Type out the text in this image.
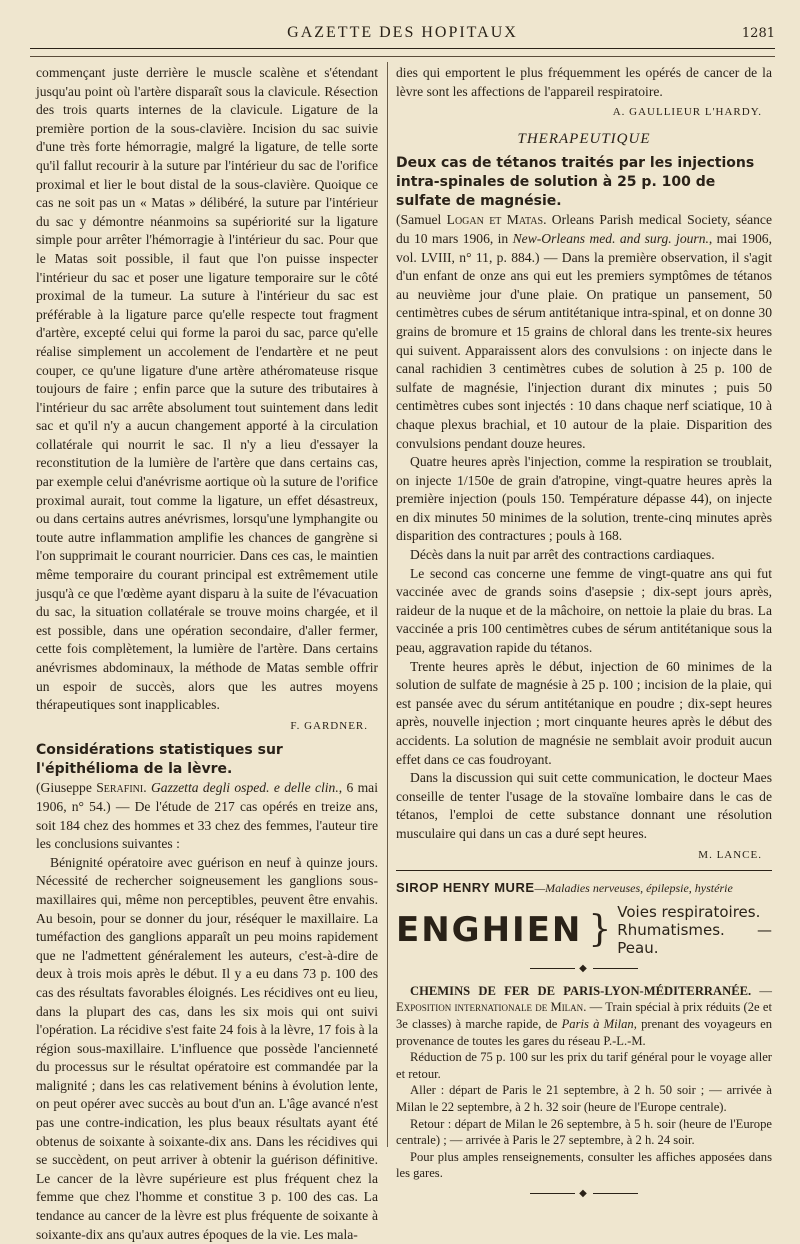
GAZETTE DES HOPITAUX	1281

commençant juste derrière le muscle scalène et s'étendant jusqu'au point où l'artère disparaît sous la clavicule. Résection des trois quarts internes de la clavicule. Ligature de la première portion de la sous-clavière. Incision du sac suivie d'une très forte hémorragie, malgré la ligature, de telle sorte qu'il fallut recourir à la suture par l'intérieur du sac de l'orifice proximal et lier le bout distal de la sous-clavière. Quoique ce cas ne soit pas un « Matas » délibéré, la suture par l'intérieur du sac y démontre néanmoins sa supériorité sur la ligature simple pour arrêter l'hémorragie à l'intérieur du sac. Pour que le Matas soit possible, il faut que l'on puisse inspecter l'intérieur du sac et poser une ligature temporaire sur le côté proximal de la tumeur. La suture à l'intérieur du sac est préférable à la ligature parce qu'elle respecte tout fragment d'artère, excepté celui qui forme la paroi du sac, parce qu'elle réalise simplement un accolement de l'endartère et ne peut couper, ce qu'une ligature d'une artère athéromateuse risque toujours de faire ; enfin parce que la suture des tributaires à l'intérieur du sac arrête absolument tout suintement dans ledit sac et qu'il n'y a aucun changement apporté à la circulation collatérale qui nourrit le sac. Il n'y a lieu d'essayer la reconstitution de la lumière de l'artère que dans certains cas, par exemple celui d'anévrisme aortique où la suture de l'orifice proximal aurait, tout comme la ligature, un effet désastreux, ou dans certains autres anévrismes, lorsqu'une lymphangite ou toute autre inflammation amplifie les chances de gangrène si l'on supprimait le courant nourricier. Dans ces cas, le maintien même temporaire du courant principal est extrêmement utile jusqu'à ce que l'œdème ayant disparu à la suite de l'évacuation du sac, la situation collatérale se trouve moins chargée, et il est possible, dans une opération secondaire, d'aller fermer, cette fois complètement, la lumière de l'artère. Dans certains anévrismes abdominaux, la méthode de Matas semble offrir un espoir de succès, alors que les autres moyens thérapeutiques sont inapplicables.

F. GARDNER.
Considérations statistiques sur l'épithélioma de la lèvre.

(Giuseppe Serafini. Gazzetta degli osped. e delle clin., 6 mai 1906, n° 54.) — De l'étude de 217 cas opérés en treize ans, soit 184 chez des hommes et 33 chez des femmes, l'auteur tire les conclusions suivantes :

Bénignité opératoire avec guérison en neuf à quinze jours. Nécessité de rechercher soigneusement les ganglions sous-maxillaires qui, même non perceptibles, peuvent être envahis. Au besoin, pour se donner du jour, réséquer le maxillaire. La tuméfaction des ganglions apparaît un peu moins rapidement que ne l'admettent généralement les auteurs, c'est-à-dire de deux à trois mois après le début. Il y a eu dans 73 p. 100 des cas des résultats favorables éloignés. Les récidives ont eu lieu, dans la plupart des cas, dans les six mois qui ont suivi l'opération. La récidive s'est faite 24 fois à la lèvre, 17 fois à la région sous-maxillaire. L'influence que possède l'ancienneté du processus sur le résultat opératoire est commandée par la malignité ; dans les cas relativement bénins à évolution lente, on peut opérer avec succès au bout d'un an. L'âge avancé n'est pas une contre-indication, les plus beaux résultats ayant été obtenus de soixante à soixante-dix ans. Dans les récidives qui se succèdent, on peut arriver à obtenir la guérison définitive. Le cancer de la lèvre supérieure est plus fréquent chez la femme que chez l'homme et constitue 3 p. 100 des cas. La tendance au cancer de la lèvre est plus fréquente de soixante à soixante-dix ans qu'aux autres époques de la vie. Les mala-

dies qui emportent le plus fréquemment les opérés de cancer de la lèvre sont les affections de l'appareil respiratoire.

A. GAULLIEUR L'HARDY.
THERAPEUTIQUE
Deux cas de tétanos traités par les injections intra-spinales de solution à 25 p. 100 de sulfate de magnésie.

(Samuel Logan et Matas. Orleans Parish medical Society, séance du 10 mars 1906, in New-Orleans med. and surg. journ., mai 1906, vol. LVIII, n° 11, p. 884.) — Dans la première observation, il s'agit d'un enfant de onze ans qui eut les premiers symptômes de tétanos au neuvième jour d'une plaie. On pratique un pansement, 50 centimètres cubes de sérum antitétanique intra-spinal, et on donne 30 grains de bromure et 15 grains de chloral dans les trente-six heures qui suivent. Apparaissent alors des convulsions : on injecte dans le canal rachidien 3 centimètres cubes de solution à 25 p. 100 de sulfate de magnésie, l'injection durant dix minutes ; puis 50 centimètres cubes sont injectés : 10 dans chaque nerf sciatique, 10 à chaque plexus brachial, et 10 autour de la plaie. Disparition des convulsions pendant douze heures.

Quatre heures après l'injection, comme la respiration se troublait, on injecte 1/150e de grain d'atropine, vingt-quatre heures après la première injection (pouls 150. Température dépasse 44), on injecte en dix minutes 50 minimes de la solution, trente-cinq minutes après disparition des contractures ; pouls à 168.

Décès dans la nuit par arrêt des contractions cardiaques.

Le second cas concerne une femme de vingt-quatre ans qui fut vaccinée avec de grands soins d'asepsie ; dix-sept jours après, raideur de la nuque et de la mâchoire, on nettoie la plaie du bras. La vaccinée a pris 100 centimètres cubes de sérum antitétanique sous la peau, aggravation rapide du tétanos.

Trente heures après le début, injection de 60 minimes de la solution de sulfate de magnésie à 25 p. 100 ; incision de la plaie, qui est pansée avec du sérum antitétanique en poudre ; dix-sept heures après, nouvelle injection ; mort cinquante heures après le début des accidents. La solution de magnésie ne semblait avoir produit aucun effet dans ce cas foudroyant.

Dans la discussion qui suit cette communication, le docteur Maes conseille de tenter l'usage de la stovaïne lombaire dans le cas de tétanos, l'emploi de cette substance donnant une résolution musculaire qui dans un cas a duré sept heures.

M. LANCE.
SIROP HENRY MURE—Maladies nerveuses, épilepsie, hystérie
ENGHIEN } Voies respiratoires.
Rhumatismes. — Peau.
◆

CHEMINS DE FER DE PARIS-LYON-MÉDITERRANÉE. — Exposition internationale de Milan. — Train spécial à prix réduits (2e et 3e classes) à marche rapide, de Paris à Milan, prenant des voyageurs en provenance de toutes les gares du réseau P.-L.-M.

Réduction de 75 p. 100 sur les prix du tarif général pour le voyage aller et retour.

Aller : départ de Paris le 21 septembre, à 2 h. 50 soir ; — arrivée à Milan le 22 septembre, à 2 h. 32 soir (heure de l'Europe centrale).

Retour : départ de Milan le 26 septembre, à 5 h. soir (heure de l'Europe centrale) ; — arrivée à Paris le 27 septembre, à 2 h. 24 soir.

Pour plus amples renseignements, consulter les affiches apposées dans les gares.

◆
